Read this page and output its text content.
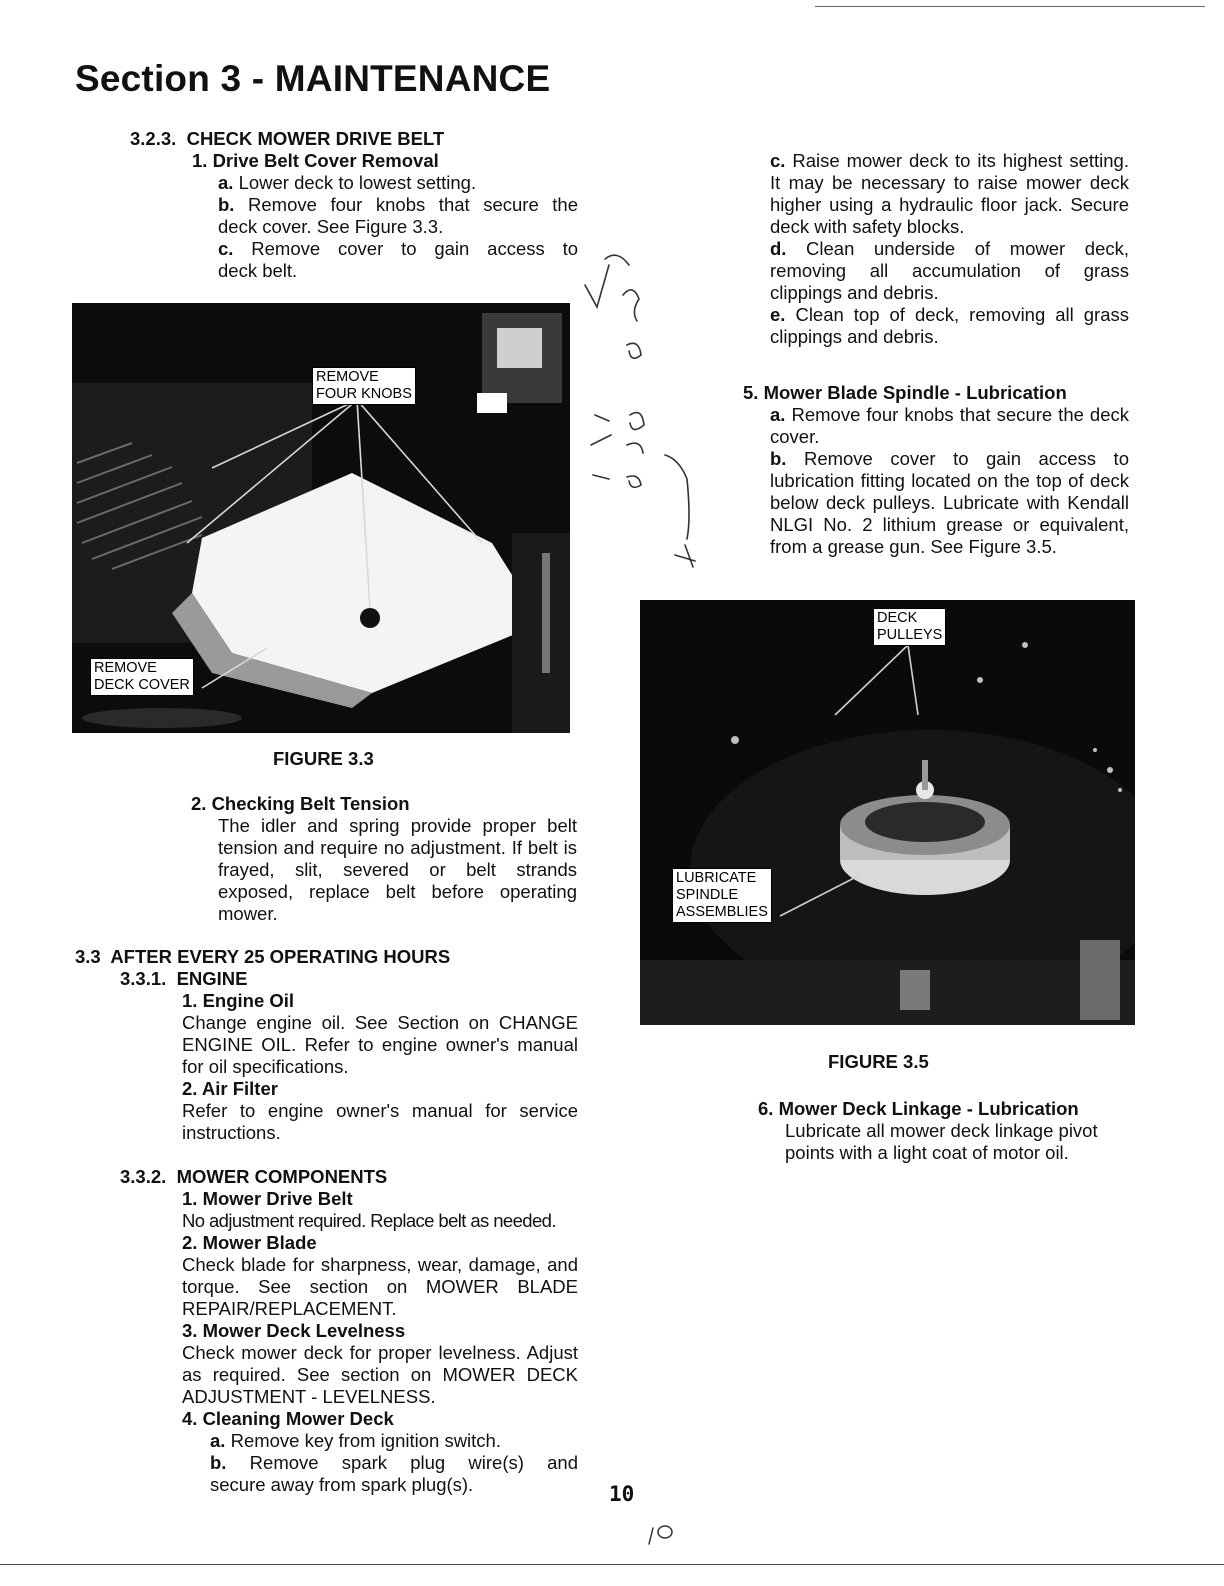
Section 3 - MAINTENANCE

3.2.3. CHECK MOWER DRIVE BELT

1. Drive Belt Cover Removal

a. Lower deck to lowest setting.

b. Remove four knobs that secure the

deck cover. See Figure 3.3.

c. Remove cover to gain access to

deck belt.

REMOVE
FOUR KNOBS
REMOVE
DECK COVER
FIGURE 3.3

2. Checking Belt Tension

The idler and spring provide proper belt tension and require no adjustment. If belt is frayed, slit, severed or belt strands exposed, replace belt before operating mower.

3.3 AFTER EVERY 25 OPERATING HOURS

3.3.1. ENGINE

1. Engine Oil

Change engine oil. See Section on CHANGE ENGINE OIL. Refer to engine owner's manual for oil specifications.

2. Air Filter

Refer to engine owner's manual for service instructions.

3.3.2. MOWER COMPONENTS

1. Mower Drive Belt

No adjustment required. Replace belt as needed.

2. Mower Blade

Check blade for sharpness, wear, damage, and torque. See section on MOWER BLADE REPAIR/REPLACEMENT.

3. Mower Deck Levelness

Check mower deck for proper levelness. Adjust as required. See section on MOWER DECK ADJUSTMENT - LEVELNESS.

4. Cleaning Mower Deck

a. Remove key from ignition switch.

b. Remove spark plug wire(s) and

secure away from spark plug(s).

c. Raise mower deck to its highest setting. It may be necessary to raise mower deck higher using a hydraulic floor jack. Secure deck with safety blocks.

d. Clean underside of mower deck, removing all accumulation of grass clippings and debris.

e. Clean top of deck, removing all grass clippings and debris.

5. Mower Blade Spindle - Lubrication

a. Remove four knobs that secure the deck cover.

b. Remove cover to gain access to lubrication fitting located on the top of deck below deck pulleys. Lubricate with Kendall NLGI No. 2 lithium grease or equivalent, from a grease gun. See Figure 3.5.

DECK
PULLEYS
LUBRICATE
SPINDLE
ASSEMBLIES
FIGURE 3.5

6. Mower Deck Linkage - Lubrication

Lubricate all mower deck linkage pivot points with a light coat of motor oil.

10
